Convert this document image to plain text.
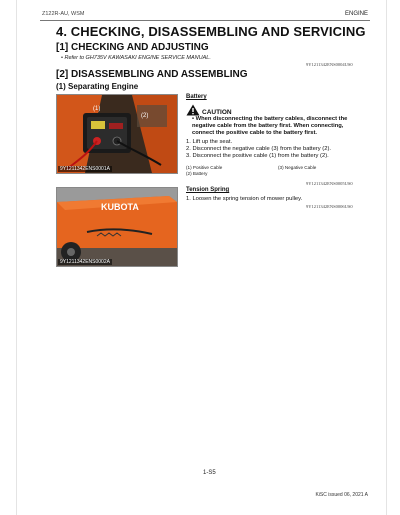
Z122R-AU, WSM	ENGINE
4. CHECKING, DISASSEMBLING AND SERVICING
[1] CHECKING AND ADJUSTING
• Refer to GH735V KAWASAKI ENGINE SERVICE MANUAL.
9Y1211342ENS0004US0
[2] DISASSEMBLING AND ASSEMBLING
(1) Separating Engine
(1)
(2)
9Y1211342ENS0001A
Battery
CAUTION
• When disconnecting the battery cables, disconnect the negative cable from the battery first. When connecting, connect the positive cable to the battery first.
1. Lift up the seat.
2. Disconnect the negative cable (3) from the battery (2).
3. Disconnect the positive cable (1) from the battery (2).
(1) Positive Cable
(2) Battery
(3) Negative Cable
9Y1211342ENS0005US0
KUBOTA
9Y1211342ENS0002A
Tension Spring
1. Loosen the spring tension of mower pulley.
9Y1211342ENS0006US0
1-S5
KiSC issued 06, 2021 A
